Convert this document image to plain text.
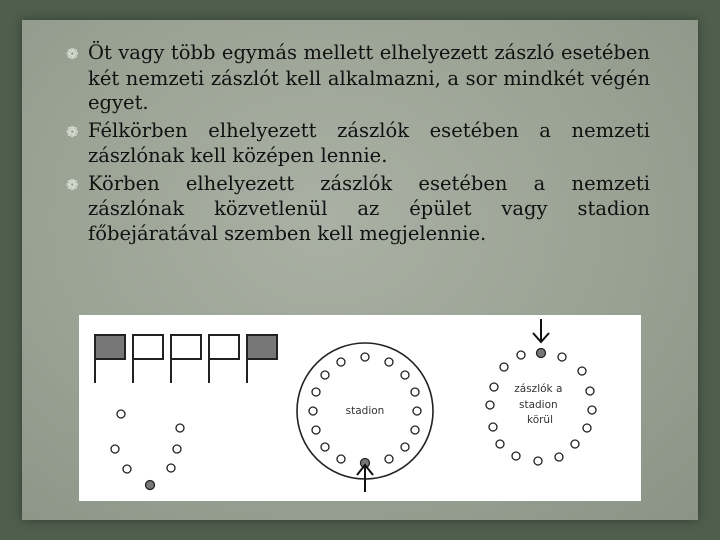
❁ Öt vagy több egymás mellett elhelyezett zászló esetében két nemzeti zászlót kell alkalmazni, a sor mindkét végén egyet.
❁ Félkörben elhelyezett zászlók esetében a nemzeti zászlónak kell középen lennie.
❁ Körben elhelyezett zászlók esetében a nemzeti zászlónak közvetlenül az épület vagy stadion főbejáratával szemben kell megjelennie.
stadion
zászlók a stadion körül
